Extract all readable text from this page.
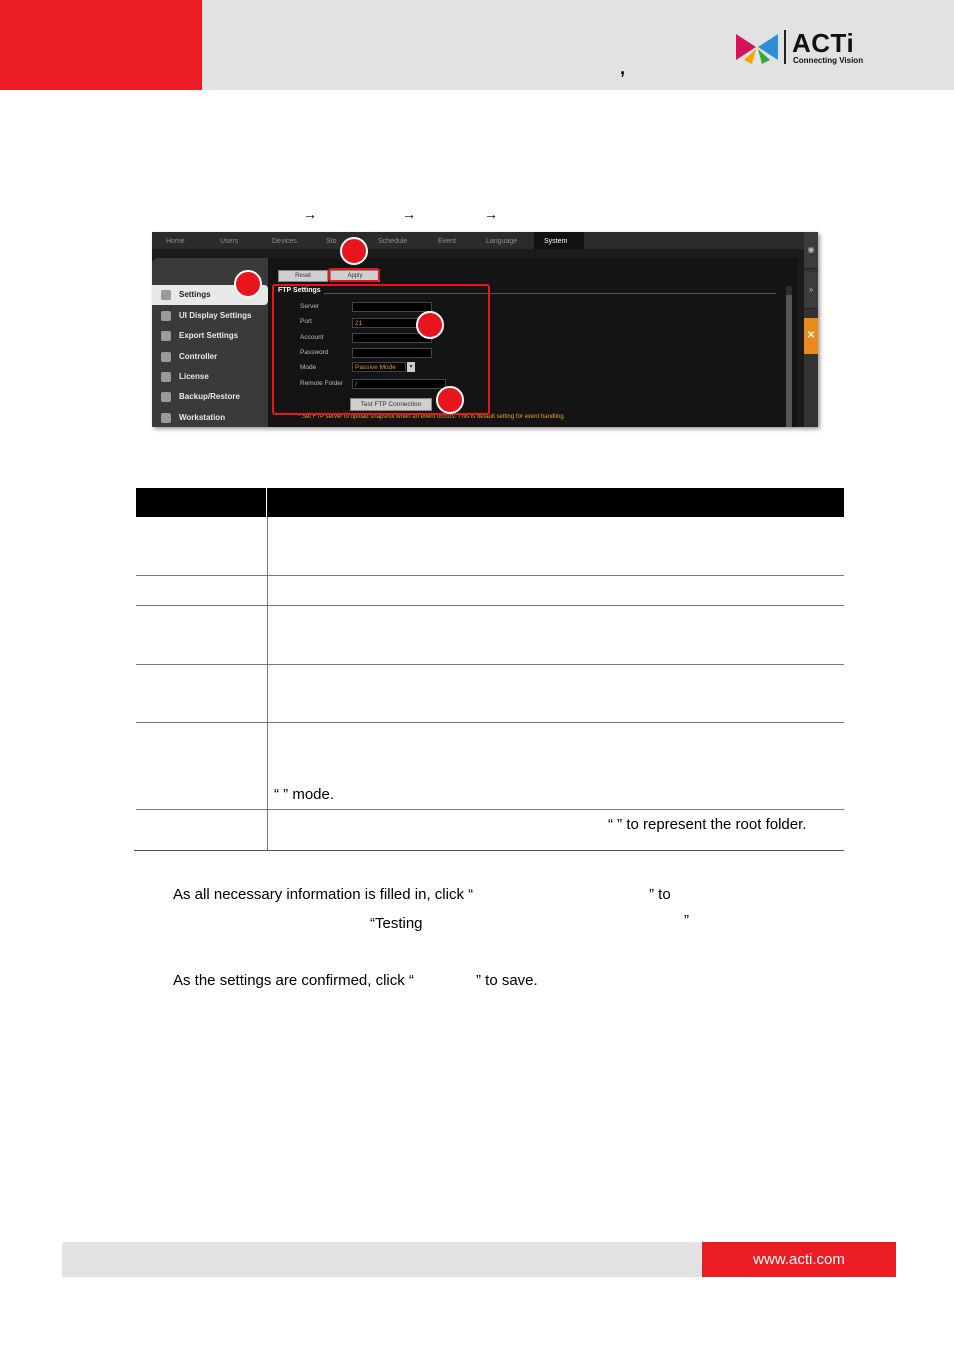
,
ACTi
Connecting Vision
→	→	→
Home	Users	Devices	Sto	Schedule	Event	Language	System
◉
»
✕
Settings
UI Display Settings
Export Settings
Controller
License
Backup/Restore
Workstation
Reset	Apply
FTP Settings
Server
Port	21
Account
Password
Mode	Passive Mode	▾
Remote Folder	/
Test FTP Connection
* Set FTP server to upload snapshot when an event occurs. This is default setting for event handling.
“ ” mode.
“ ” to represent the root folder.
As all necessary information is filled in, click “	” to
“Testing	”
As the settings are confirmed, click “	” to save.
www.acti.com
